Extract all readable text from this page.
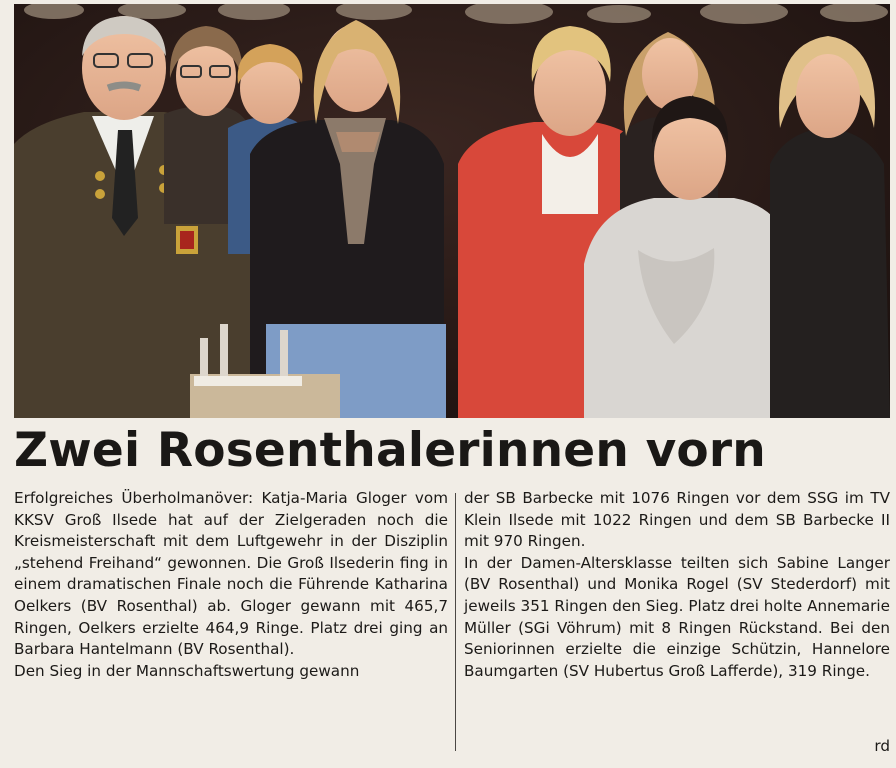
Zwei Rosenthalerinnen vorn

Erfolgreiches Überholmanöver: Katja-Maria Gloger vom KKSV Groß Ilsede hat auf der Zielgeraden noch die Kreismeisterschaft mit dem Luftgewehr in der Disziplin „stehend Freihand“ gewonnen. Die Groß Ilsederin fing in einem dramatischen Finale noch die Führende Katharina Oelkers (BV Rosenthal) ab. Gloger gewann mit 465,7 Ringen, Oelkers erzielte 464,9 Ringe. Platz drei ging an Barbara Hantelmann (BV Rosenthal).

Den Sieg in der Mannschaftswertung gewann

der SB Barbecke mit 1076 Ringen vor dem SSG im TV Klein Ilsede mit 1022 Ringen und dem SB Barbecke II mit 970 Ringen.

In der Damen-Altersklasse teilten sich Sabine Langer (BV Rosenthal) und Monika Rogel (SV Stederdorf) mit jeweils 351 Ringen den Sieg. Platz drei holte Annemarie Müller (SGi Vöhrum) mit 8 Ringen Rückstand. Bei den Seniorinnen erzielte die einzige Schützin, Hannelore Baumgarten (SV Hubertus Groß Lafferde), 319 Ringe.

rd
